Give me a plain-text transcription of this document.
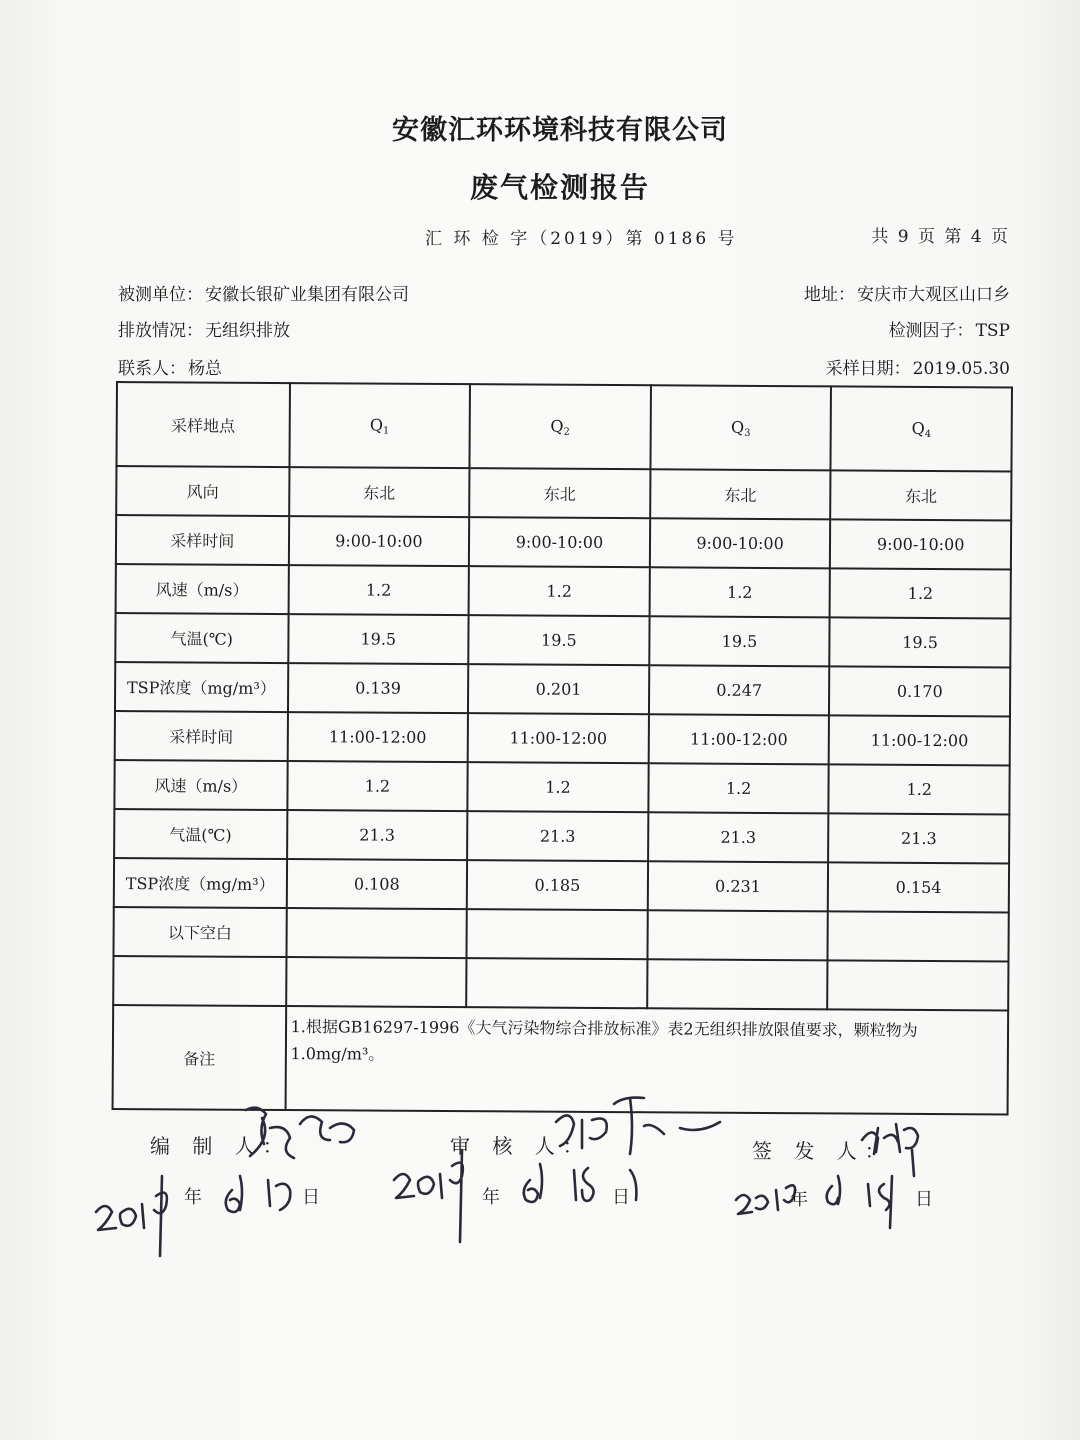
安徽汇环环境科技有限公司
废气检测报告
汇 环 检 字（2019）第 0186 号	共 9 页 第 4 页
被测单位： 安徽长银矿业集团有限公司	地址： 安庆市大观区山口乡
排放情况： 无组织排放	检测因子： TSP
联系人： 杨总	采样日期： 2019.05.30
采样地点	$Q_1$	$Q_2$	$Q_3$	$Q_4$
风向	东北	东北	东北	东北
采样时间	9:00-10:00	9:00-10:00	9:00-10:00	9:00-10:00
风速（m/s）	1.2	1.2	1.2	1.2
气温(℃)	19.5	19.5	19.5	19.5
TSP浓度（mg/m³）	0.139	0.201	0.247	0.170
采样时间	11:00-12:00	11:00-12:00	11:00-12:00	11:00-12:00
风速（m/s）	1.2	1.2	1.2	1.2
气温(℃)	21.3	21.3	21.3	21.3
TSP浓度（mg/m³）	0.108	0.185	0.231	0.154
以下空白				

备注	1.根据GB16297-1996《大气污染物综合排放标准》表2无组织排放限值要求，颗粒物为1.0mg/m³。			
编 制 人：	审 核 人：	签 发 人：
年	日	年	日	日
年
